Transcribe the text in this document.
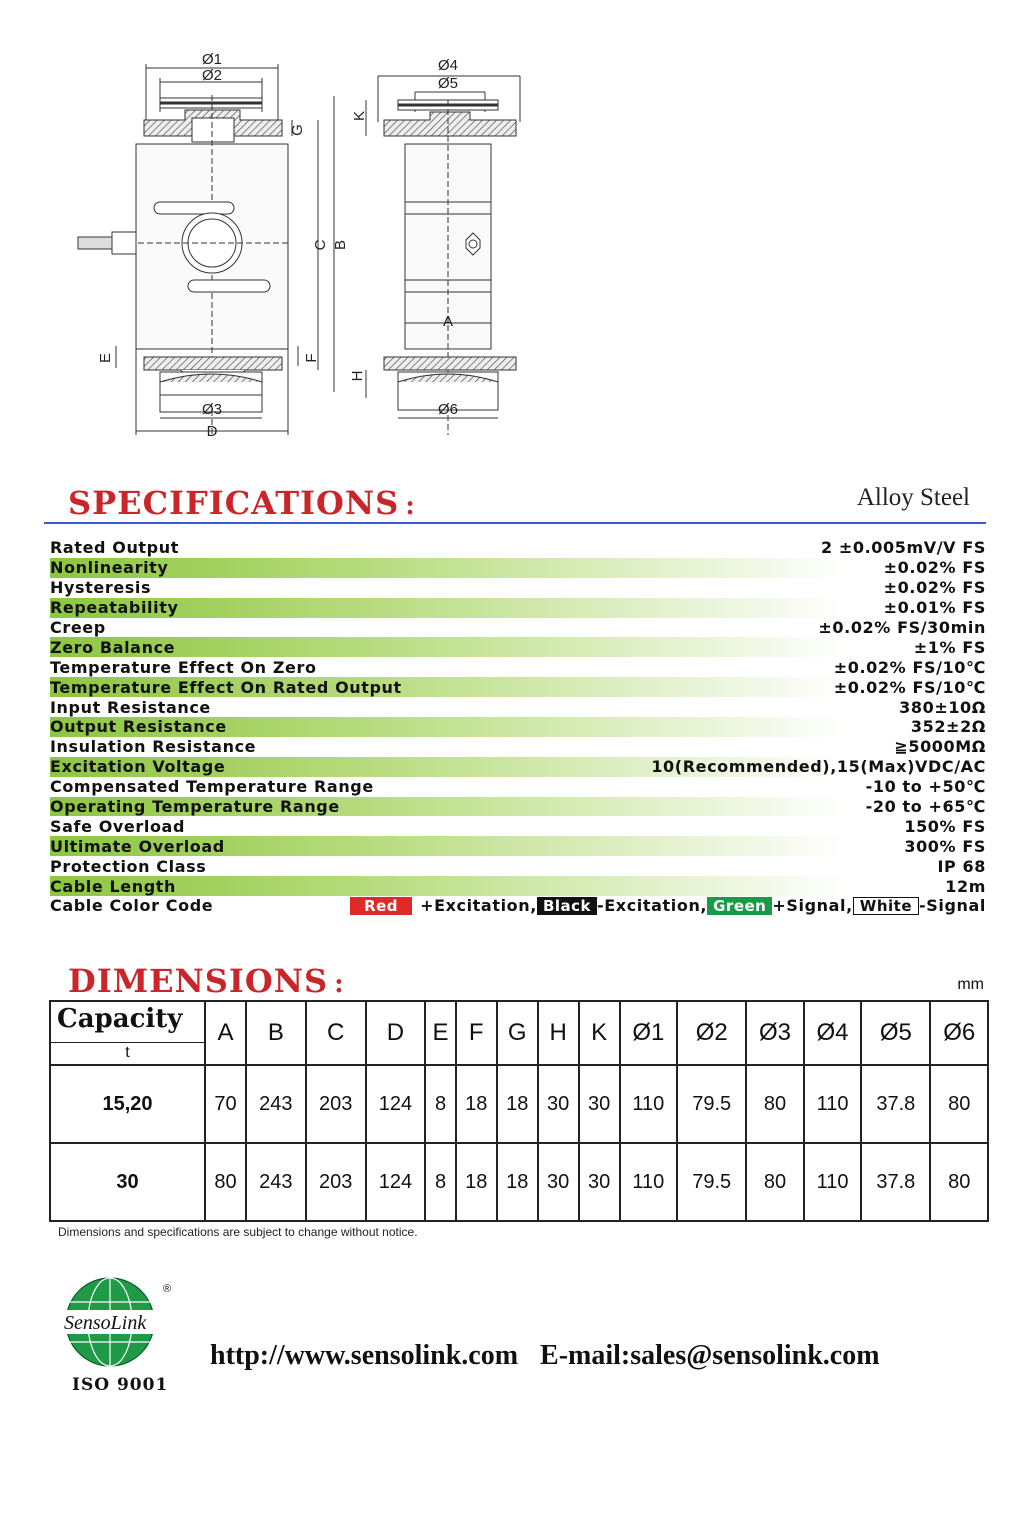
Ø1
Ø2
G
C B
E	F
Ø3
D
Ø4
Ø5
K
A
H
Ø6
SPECIFICATIONS :	Alloy Steel
Rated Output	2 ±0.005mV/V FS
Nonlinearity	±0.02% FS
Hysteresis	±0.02% FS
Repeatability	±0.01% FS
Creep	±0.02% FS/30min
Zero Balance	±1% FS
Temperature Effect On Zero	±0.02% FS/10℃
Temperature Effect On Rated Output	±0.02% FS/10℃
Input Resistance	380±10Ω
Output Resistance	352±2Ω
Insulation Resistance	≧5000MΩ
Excitation Voltage	10(Recommended),15(Max)VDC/AC
Compensated Temperature Range	-10 to +50℃
Operating Temperature Range	-20 to +65℃
Safe Overload	150% FS
Ultimate Overload	300% FS
Protection Class	IP 68
Cable Length	12m
Cable Color Code	Red	+Excitation, Black -Excitation, Green +Signal, White -Signal
DIMENSIONS :	mm
Capacity
t	A	B	C	D	E	F	G	H	K	Ø1	Ø2	Ø3	Ø4	Ø5	Ø6
15,20	70	243	203	124	8	18	18	30	30	110	79.5	80	110	37.8	80
30	80	243	203	124	8	18	18	30	30	110	79.5	80	110	37.8	80
Dimensions and specifications are subject to change without notice.
SensoLink
®
ISO 9001
http://www.sensolink.com E-mail:sales@sensolink.com
